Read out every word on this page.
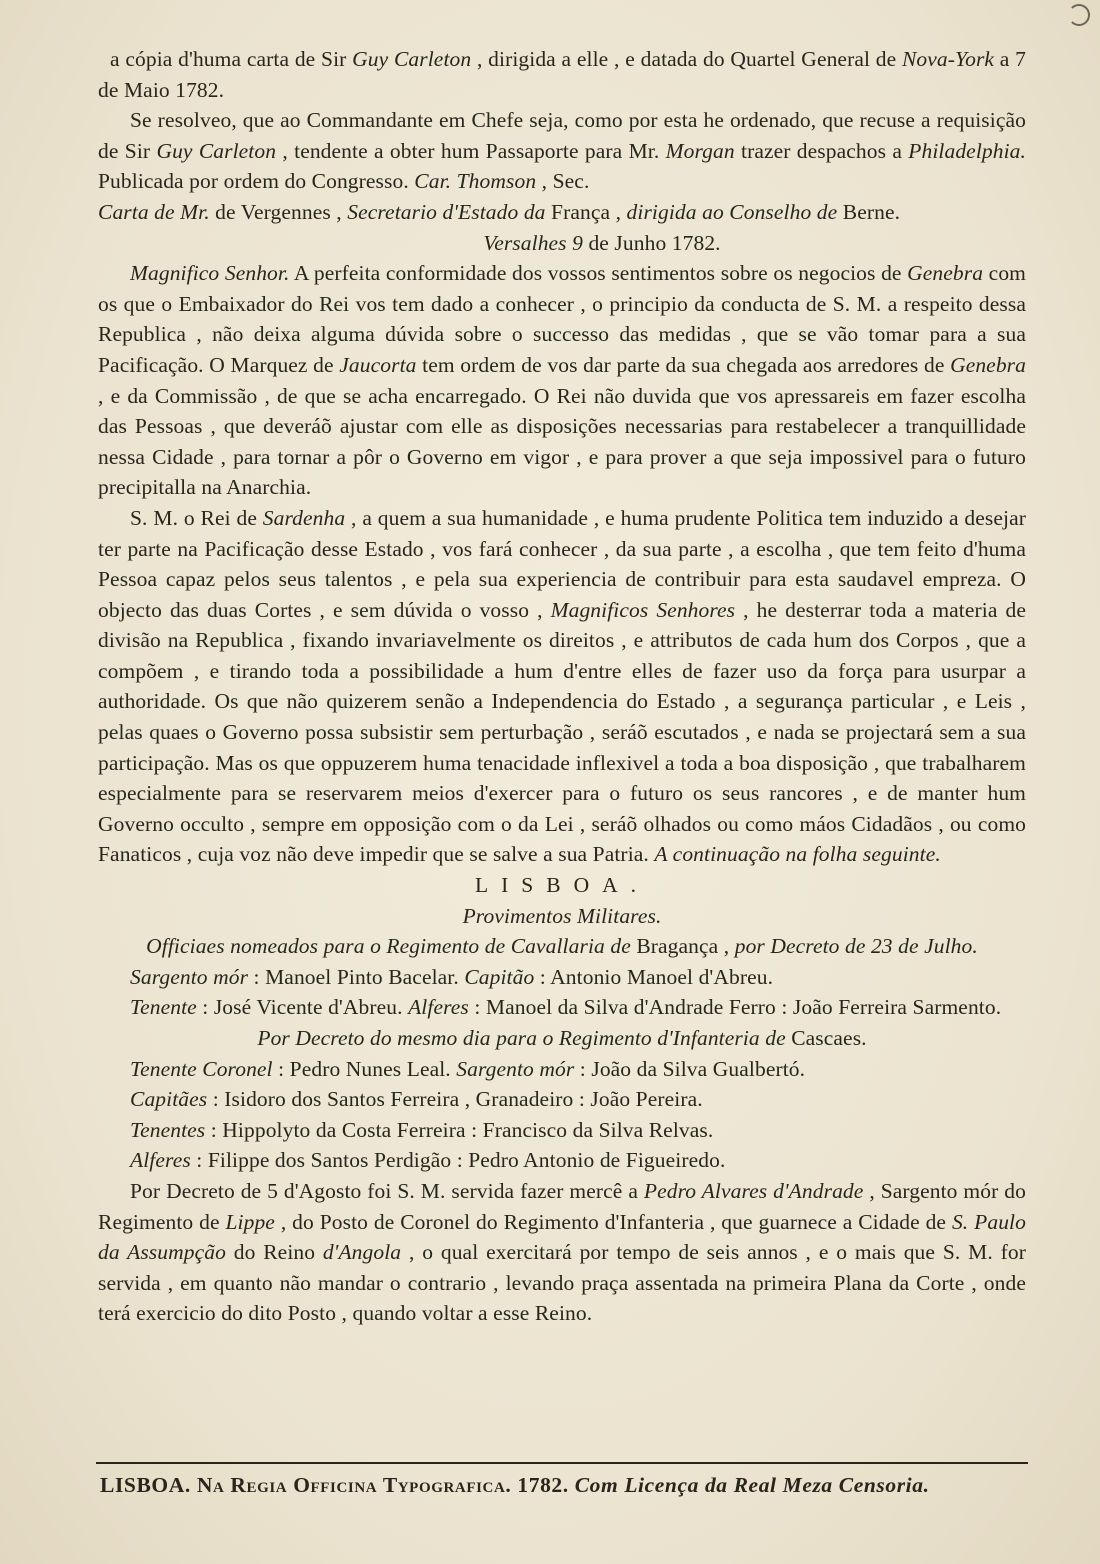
a cópia d'huma carta de Sir Guy Carleton , dirigida a elle , e datada do Quartel General de Nova-York a 7 de Maio 1782.

Se resolveo, que ao Commandante em Chefe seja, como por esta he ordenado, que recuse a requisição de Sir Guy Carleton , tendente a obter hum Passaporte para Mr. Morgan trazer despachos a Philadelphia. Publicada por ordem do Congresso. Car. Thomson , Sec.

Carta de Mr. de Vergennes , Secretario d'Estado da França , dirigida ao Conselho de Berne.

Versalhes 9 de Junho 1782.

Magnifico Senhor. A perfeita conformidade dos vossos sentimentos sobre os negocios de Genebra com os que o Embaixador do Rei vos tem dado a conhecer , o principio da conducta de S. M. a respeito dessa Republica , não deixa alguma dúvida sobre o successo das medidas , que se vão tomar para a sua Pacificação. O Marquez de Jaucorta tem ordem de vos dar parte da sua chegada aos arredores de Genebra , e da Commissão , de que se acha encarregado. O Rei não duvida que vos apressareis em fazer escolha das Pessoas , que deveráõ ajustar com elle as disposições necessarias para restabelecer a tranquillidade nessa Cidade , para tornar a pôr o Governo em vigor , e para prover a que seja impossivel para o futuro precipitalla na Anarchia.

S. M. o Rei de Sardenha , a quem a sua humanidade , e huma prudente Politica tem induzido a desejar ter parte na Pacificação desse Estado , vos fará conhecer , da sua parte , a escolha , que tem feito d'huma Pessoa capaz pelos seus talentos , e pela sua experiencia de contribuir para esta saudavel empreza. O objecto das duas Cortes , e sem dúvida o vosso , Magnificos Senhores , he desterrar toda a materia de divisão na Republica , fixando invariavelmente os direitos , e attributos de cada hum dos Corpos , que a compõem , e tirando toda a possibilidade a hum d'entre elles de fazer uso da força para usurpar a authoridade. Os que não quizerem senão a Independencia do Estado , a segurança particular , e Leis , pelas quaes o Governo possa subsistir sem perturbação , seráõ escutados , e nada se projectará sem a sua participação. Mas os que oppuzerem huma tenacidade inflexivel a toda a boa disposição , que trabalharem especialmente para se reservarem meios d'exercer para o futuro os seus rancores , e de manter hum Governo occulto , sempre em opposição com o da Lei , seráõ olhados ou como máos Cidadãos , ou como Fanaticos , cuja voz não deve impedir que se salve a sua Patria. A continuação na folha seguinte.

LISBOA.

Provimentos Militares.

Officiaes nomeados para o Regimento de Cavallaria de Bragança , por Decreto de 23 de Julho.

Sargento mór : Manoel Pinto Bacelar. Capitão : Antonio Manoel d'Abreu.

Tenente : José Vicente d'Abreu. Alferes : Manoel da Silva d'Andrade Ferro : João Ferreira Sarmento.

Por Decreto do mesmo dia para o Regimento d'Infanteria de Cascaes.

Tenente Coronel : Pedro Nunes Leal. Sargento mór : João da Silva Gualbertó.

Capitães : Isidoro dos Santos Ferreira , Granadeiro : João Pereira.

Tenentes : Hippolyto da Costa Ferreira : Francisco da Silva Relvas.

Alferes : Filippe dos Santos Perdigão : Pedro Antonio de Figueiredo.

Por Decreto de 5 d'Agosto foi S. M. servida fazer mercê a Pedro Alvares d'Andrade , Sargento mór do Regimento de Lippe , do Posto de Coronel do Regimento d'Infanteria , que guarnece a Cidade de S. Paulo da Assumpção do Reino d'Angola , o qual exercitará por tempo de seis annos , e o mais que S. M. for servida , em quanto não mandar o contrario , levando praça assentada na primeira Plana da Corte , onde terá exercicio do dito Posto , quando voltar a esse Reino.

LISBOA. Na Regia Officina Typografica. 1782. Com Licença da Real Meza Censoria.
